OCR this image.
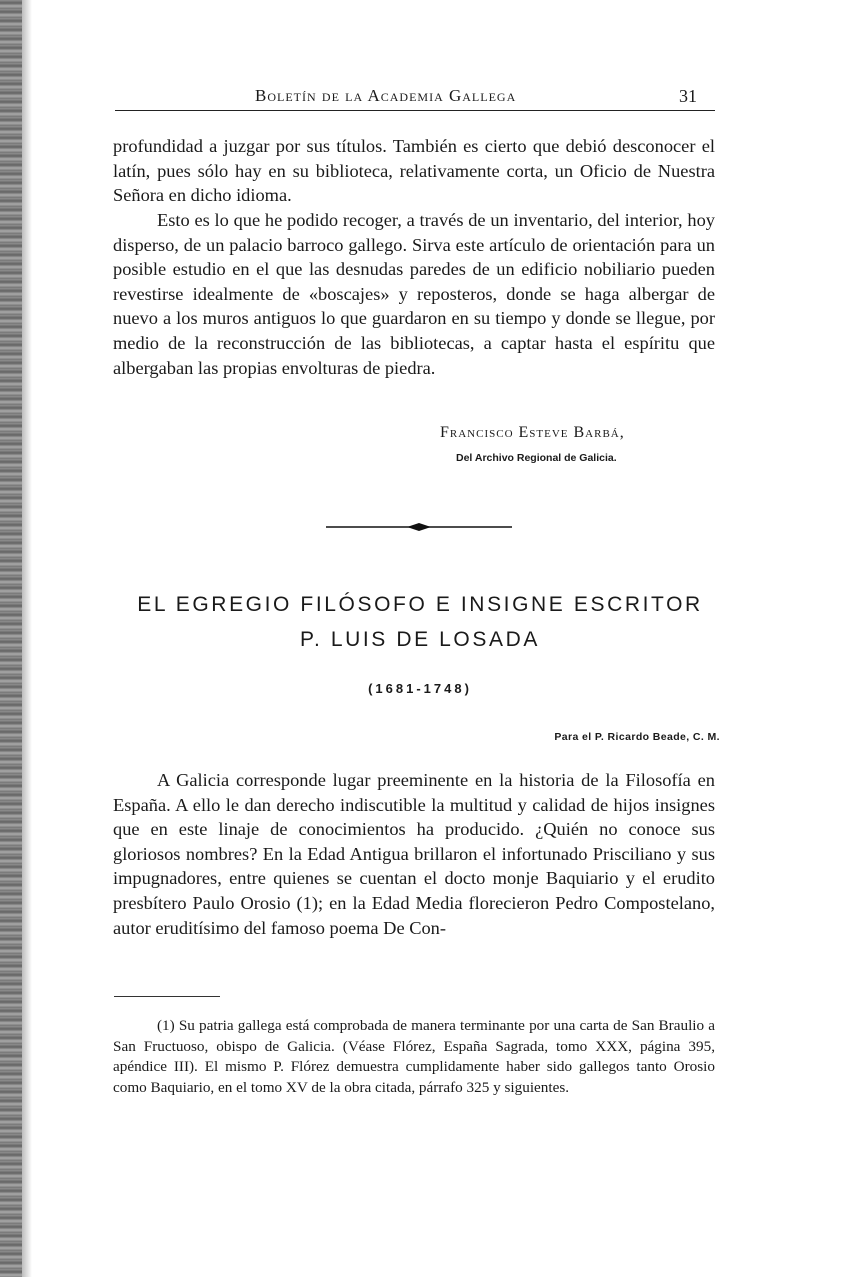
Boletín de la Academia Gallega	31

profundidad a juzgar por sus títulos. También es cierto que debió desconocer el latín, pues sólo hay en su biblioteca, relativamente corta, un Oficio de Nuestra Señora en dicho idioma.

Esto es lo que he podido recoger, a través de un inventario, del interior, hoy disperso, de un palacio barroco gallego. Sirva este artículo de orientación para un posible estudio en el que las desnudas paredes de un edificio nobiliario pueden revestirse idealmente de «boscajes» y reposteros, donde se haga albergar de nuevo a los muros antiguos lo que guardaron en su tiempo y donde se llegue, por medio de la reconstrucción de las bibliotecas, a captar hasta el espíritu que albergaban las propias envolturas de piedra.

Francisco Esteve Barbá,
Del Archivo Regional de Galicia.
EL EGREGIO FILÓSOFO E INSIGNE ESCRITOR
P. LUIS DE LOSADA
(1681-1748)
Para el P. Ricardo Beade, C. M.

A Galicia corresponde lugar preeminente en la historia de la Filosofía en España. A ello le dan derecho indiscutible la multitud y calidad de hijos insignes que en este linaje de conocimientos ha producido. ¿Quién no conoce sus gloriosos nombres? En la Edad Antigua brillaron el infortunado Prisciliano y sus impugnadores, entre quienes se cuentan el docto monje Baquiario y el erudito presbítero Paulo Orosio (1); en la Edad Media florecieron Pedro Compostelano, autor eruditísimo del famoso poema De Con-

(1) Su patria gallega está comprobada de manera terminante por una carta de San Braulio a San Fructuoso, obispo de Galicia. (Véase Flórez, España Sagrada, tomo XXX, página 395, apéndice III). El mismo P. Flórez demuestra cumplidamente haber sido gallegos tanto Orosio como Baquiario, en el tomo XV de la obra citada, párrafo 325 y siguientes.
